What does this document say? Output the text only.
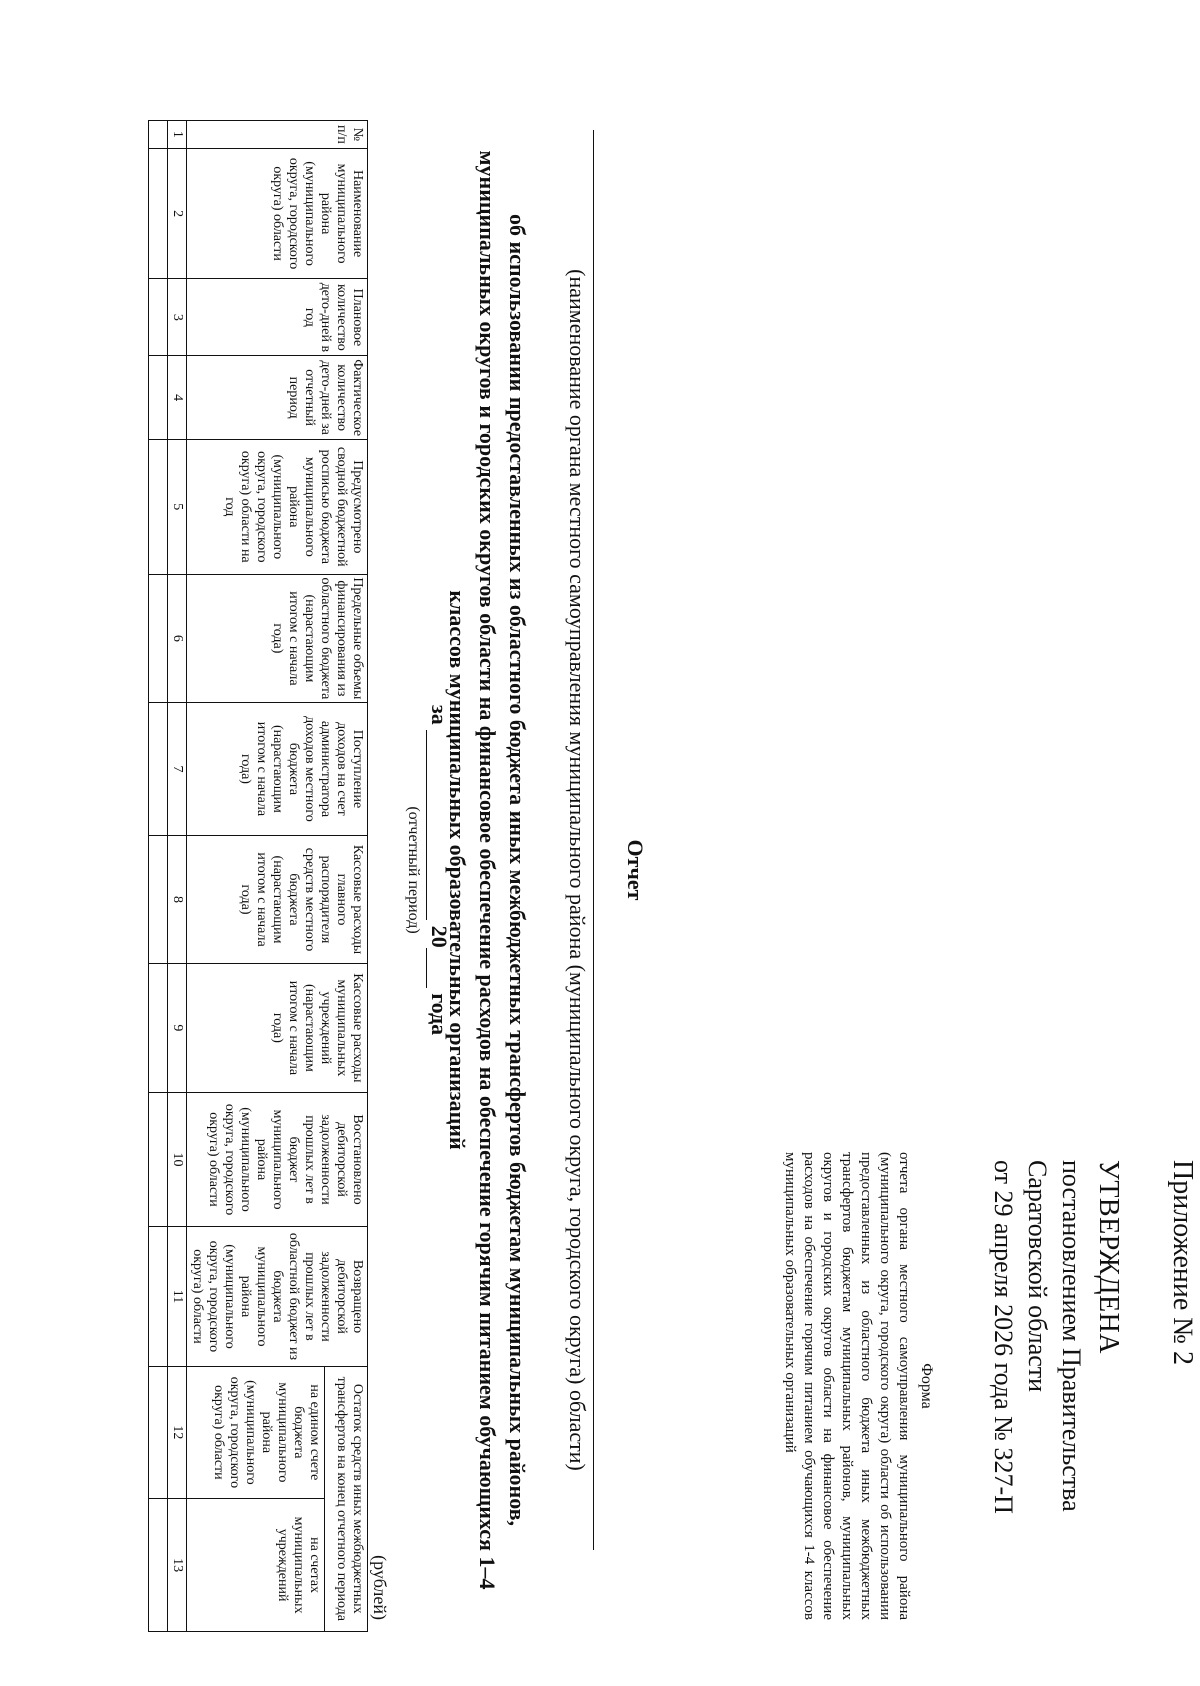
Приложение № 2
УТВЕРЖДЕНА
постановлением Правительства
Саратовской области
от 29 апреля 2026 года № 327-П
Форма
отчета органа местного самоуправления муниципального района (муниципального округа, городского округа) области об использовании предоставленных из областного бюджета иных межбюджетных трансфертов бюджетам муниципальных районов, муниципальных округов и городских округов области на финансовое обеспечение расходов на обеспечение горячим питанием обучающихся 1-4 классов муниципальных образовательных организаций
Отчет
(наименование органа местного самоуправления муниципального района (муниципального округа, городского округа) области)
об использовании предоставленных из областного бюджета иных межбюджетных трансфертов бюджетам муниципальных районов, муниципальных округов и городских округов области на финансовое обеспечение расходов на обеспечение горячим питанием обучающихся 1–4 классов муниципальных образовательных организаций
за  20 года
(отчетный период)
(рублей)
№ п/п	Наименование муниципального района (муниципального округа, городского округа) области	Плановое количество дето-дней в год	Фактическое количество дето-дней за отчетный период	Предусмотрено сводной бюджетной росписью бюджета муниципального района (муниципального округа, городского округа) области на год	Предельные объемы финансирования из областного бюджета (нарастающим итогом с начала года)	Поступление доходов на счет администратора доходов местного бюджета (нарастающим итогом с начала года)	Кассовые расходы главного распорядителя средств местного бюджета (нарастающим итогом с начала года)	Кассовые расходы муниципальных учреждений (нарастающим итогом с начала года)	Восстановлено дебиторской задолженности прошлых лет в бюджет муниципального района (муниципального округа, городского округа) области	Возвращено дебиторской задолженности прошлых лет в областной бюджет из бюджета муниципального района (муниципального округа, городского округа) области	Остаток средств иных межбюджетных трансфертов на конец отчетного периода	
											на едином счете бюджета муниципального района (муниципального округа, городского округа) области	на счетах муниципальных учреждений
1	2	3	4	5	6	7	8	9	10	11	12	13
